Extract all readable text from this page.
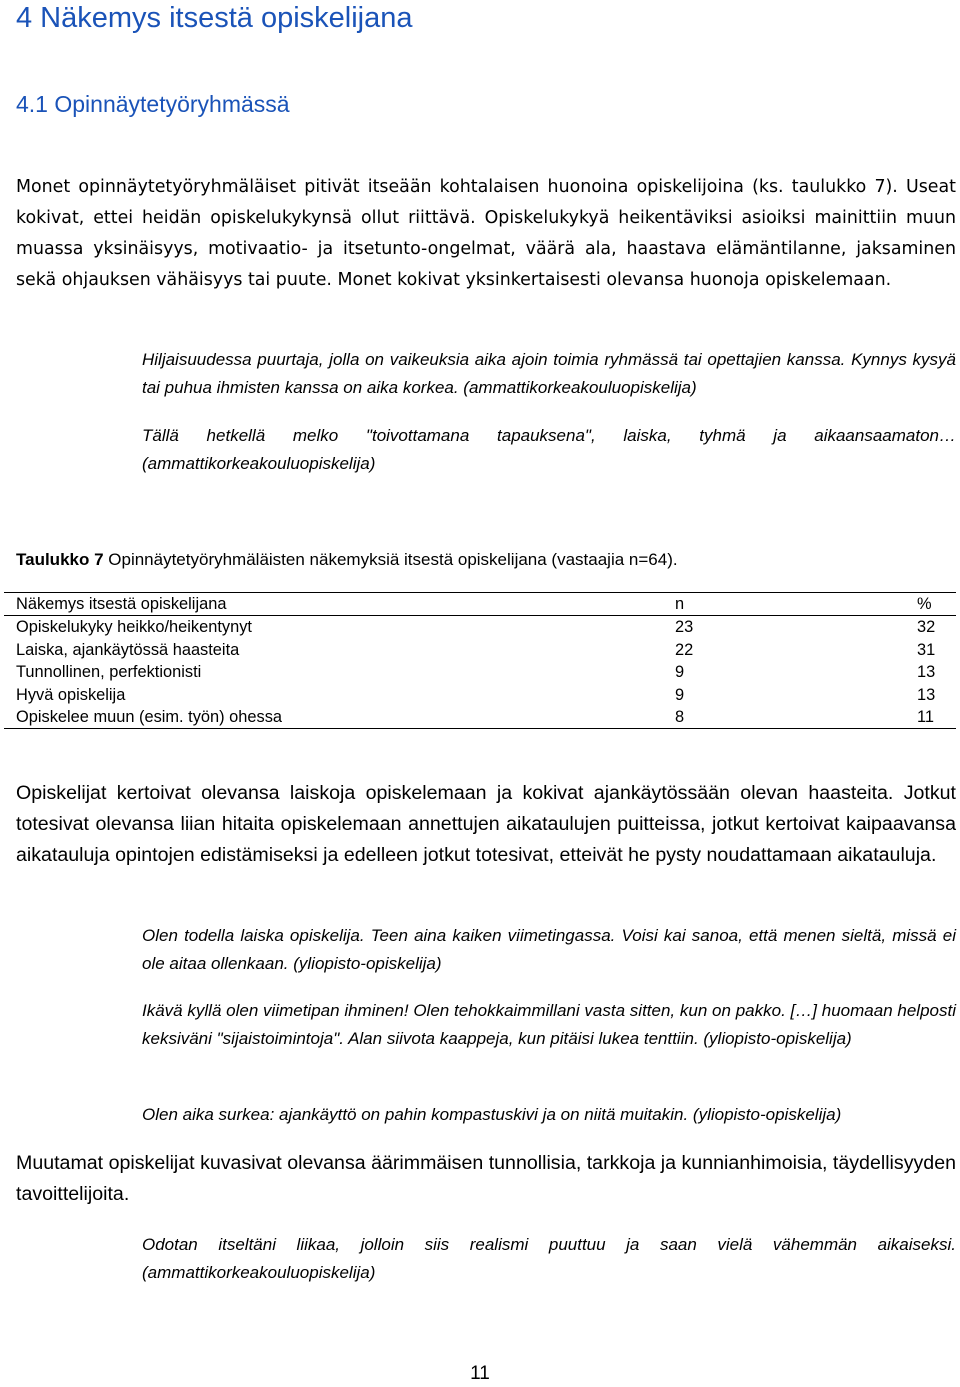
4 Näkemys itsestä opiskelijana
4.1 Opinnäytetyöryhmässä

Monet opinnäytetyöryhmäläiset pitivät itseään kohtalaisen huonoina opiskelijoina (ks. taulukko 7). Useat kokivat, ettei heidän opiskelukykynsä ollut riittävä. Opiskelukykyä heikentäviksi asioiksi mainittiin muun muassa yksinäisyys, motivaatio- ja itsetunto-ongelmat, väärä ala, haastava elämäntilanne, jaksaminen sekä ohjauksen vähäisyys tai puute. Monet kokivat yksinkertaisesti olevansa huonoja opiskelemaan.

Hiljaisuudessa puurtaja, jolla on vaikeuksia aika ajoin toimia ryhmässä tai opettajien kanssa. Kynnys kysyä tai puhua ihmisten kanssa on aika korkea. (ammattikorkeakouluopiskelija)

Tällä hetkellä melko "toivottamana tapauksena", laiska, tyhmä ja aikaansaamaton… (ammattikorkeakouluopiskelija)

Taulukko 7 Opinnäytetyöryhmäläisten näkemyksiä itsestä opiskelijana (vastaajia n=64).

Näkemys itsestä opiskelijana	n	%
Opiskelukyky heikko/heikentynyt	23	32
Laiska, ajankäytössä haasteita	22	31
Tunnollinen, perfektionisti	9	13
Hyvä opiskelija	9	13
Opiskelee muun (esim. työn) ohessa	8	11

Opiskelijat kertoivat olevansa laiskoja opiskelemaan ja kokivat ajankäytössään olevan haasteita. Jotkut totesivat olevansa liian hitaita opiskelemaan annettujen aikataulujen puitteissa, jotkut kertoivat kaipaavansa aikatauluja opintojen edistämiseksi ja edelleen jotkut totesivat, etteivät he pysty noudattamaan aikatauluja.

Olen todella laiska opiskelija. Teen aina kaiken viimetingassa. Voisi kai sanoa, että menen sieltä, missä ei ole aitaa ollenkaan. (yliopisto-opiskelija)

Ikävä kyllä olen viimetipan ihminen! Olen tehokkaimmillani vasta sitten, kun on pakko. […] huomaan helposti keksiväni "sijaistoimintoja". Alan siivota kaappeja, kun pitäisi lukea tenttiin. (yliopisto-opiskelija)

Olen aika surkea: ajankäyttö on pahin kompastuskivi ja on niitä muitakin. (yliopisto-opiskelija)

Muutamat opiskelijat kuvasivat olevansa äärimmäisen tunnollisia, tarkkoja ja kunnianhimoisia, täydellisyyden tavoittelijoita.

Odotan itseltäni liikaa, jolloin siis realismi puuttuu ja saan vielä vähemmän aikaiseksi. (ammattikorkeakouluopiskelija)

11
